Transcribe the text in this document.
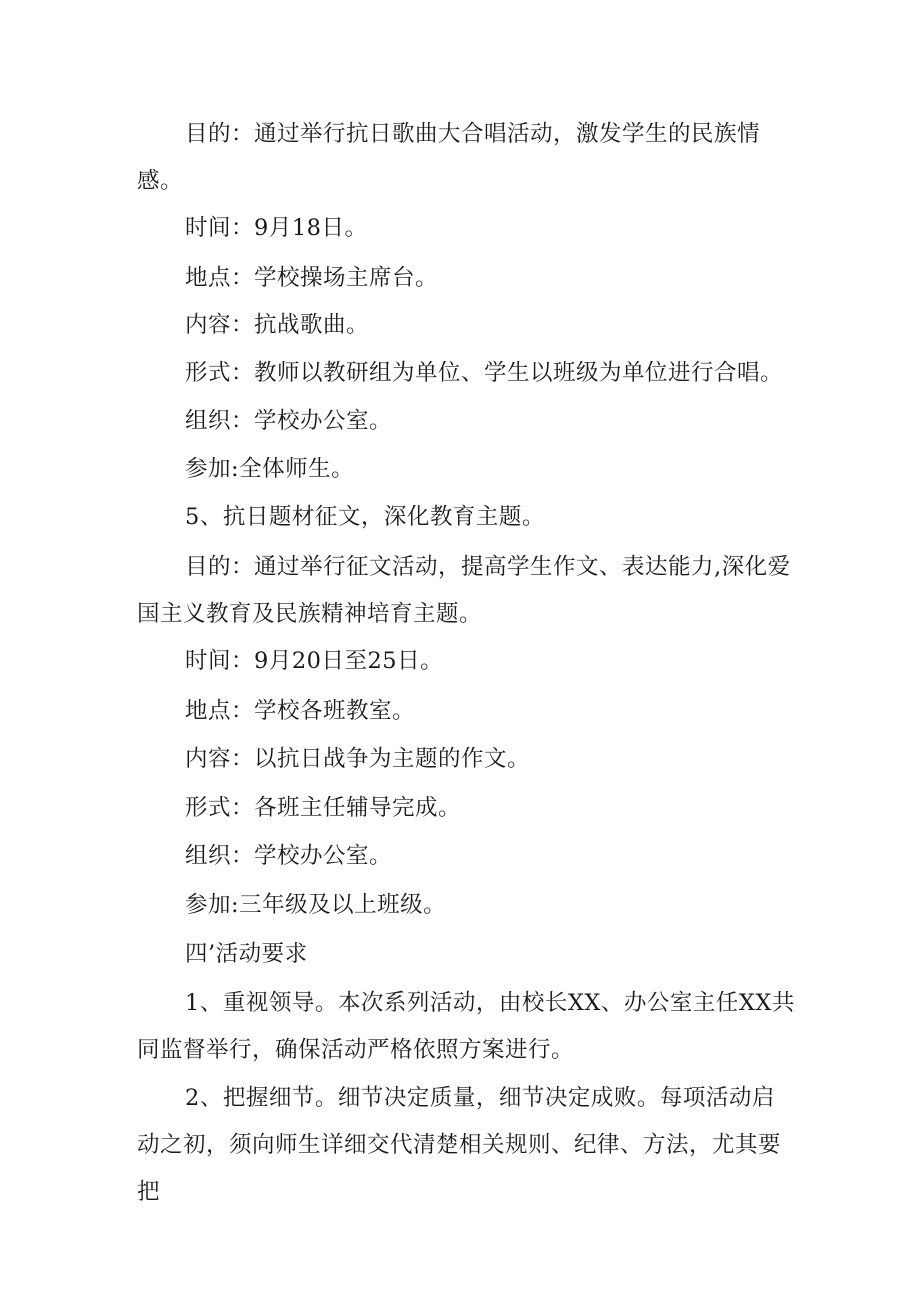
目的：通过举行抗日歌曲大合唱活动，激发学生的民族情感。

时间：9月18日。

地点：学校操场主席台。

内容：抗战歌曲。

形式：教师以教研组为单位、学生以班级为单位进行合唱。

组织：学校办公室。

参加:全体师生。

5、抗日题材征文，深化教育主题。

目的：通过举行征文活动，提高学生作文、表达能力,深化爱国主义教育及民族精神培育主题。

时间：9月20日至25日。

地点：学校各班教室。

内容：以抗日战争为主题的作文。

形式：各班主任辅导完成。

组织：学校办公室。

参加:三年级及以上班级。

四’活动要求

1、重视领导。本次系列活动，由校长XX、办公室主任XX共同监督举行，确保活动严格依照方案进行。

2、把握细节。细节决定质量，细节决定成败。每项活动启动之初，须向师生详细交代清楚相关规则、纪律、方法，尤其要把
